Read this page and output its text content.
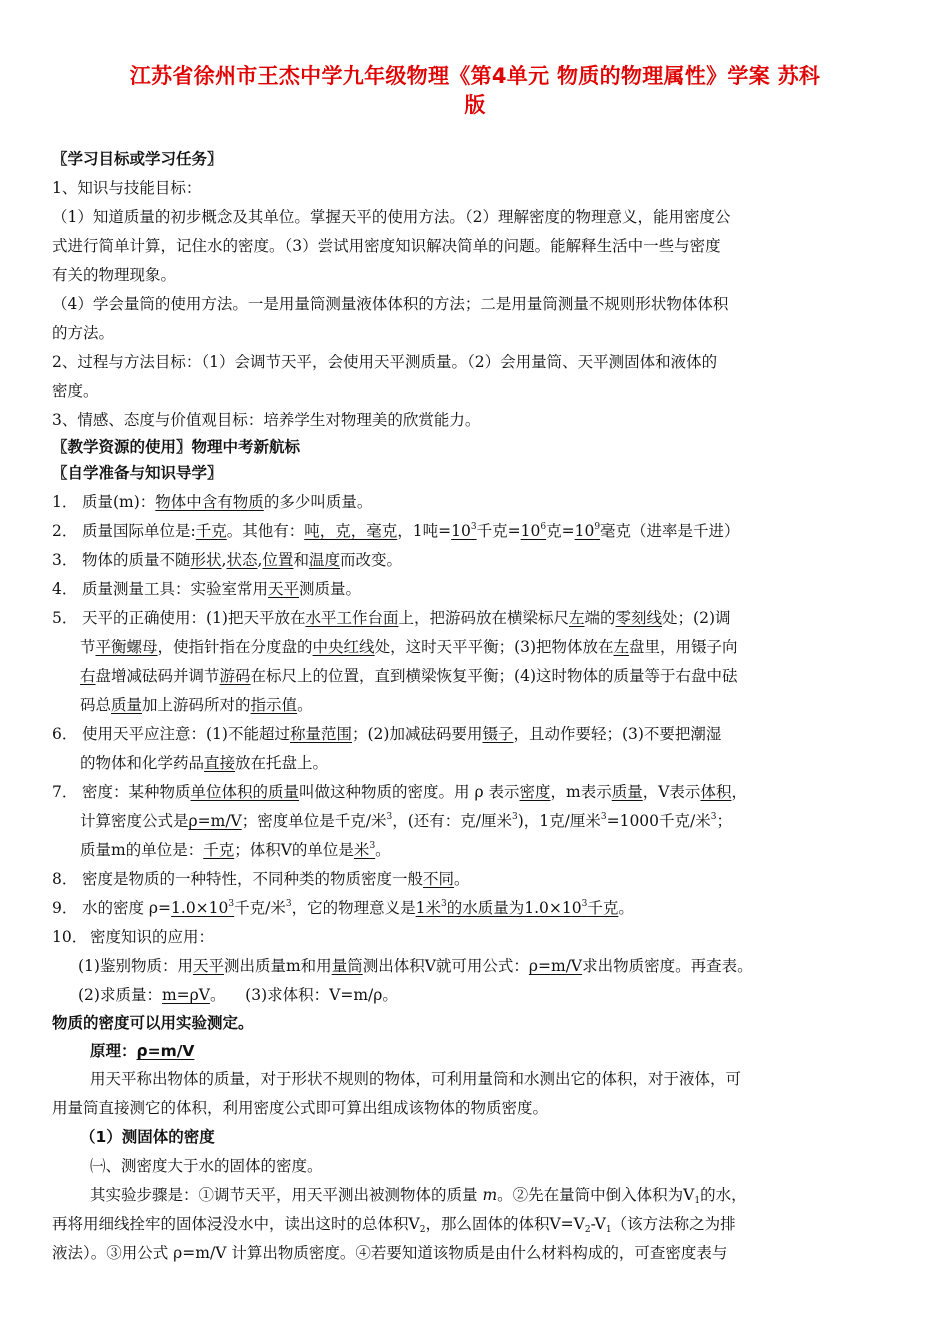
江苏省徐州市王杰中学九年级物理《第4单元 物质的物理属性》学案 苏科
版
〖学习目标或学习任务〗
1、知识与技能目标：
（1）知道质量的初步概念及其单位。掌握天平的使用方法。（2）理解密度的物理意义，能用密度公
式进行简单计算，记住水的密度。（3）尝试用密度知识解决简单的问题。能解释生活中一些与密度
有关的物理现象。
（4）学会量筒的使用方法。一是用量筒测量液体体积的方法；二是用量筒测量不规则形状物体体积
的方法。
2、过程与方法目标：（1）会调节天平，会使用天平测质量。（2）会用量筒、天平测固体和液体的
密度。
3、情感、态度与价值观目标：培养学生对物理美的欣赏能力。
〖教学资源的使用〗物理中考新航标
〖自学准备与知识导学〗
1． 质量(m)：物体中含有物质的多少叫质量。
2． 质量国际单位是:千克。其他有：吨，克，毫克，1吨$=10^3$千克$=10^6$克$=10^9$毫克（进率是千进）
3． 物体的质量不随形状,状态,位置和温度而改变。
4． 质量测量工具：实验室常用天平测质量。
5． 天平的正确使用：(1)把天平放在水平工作台面上，把游码放在横梁标尺左端的零刻线处；(2)调
节平衡螺母，使指针指在分度盘的中央红线处，这时天平平衡；(3)把物体放在左盘里，用镊子向
右盘增减砝码并调节游码在标尺上的位置，直到横梁恢复平衡；(4)这时物体的质量等于右盘中砝
码总质量加上游码所对的指示值。
6． 使用天平应注意：(1)不能超过称量范围；(2)加减砝码要用镊子，且动作要轻；(3)不要把潮湿
的物体和化学药品直接放在托盘上。
7． 密度：某种物质单位体积的质量叫做这种物质的密度。用 ρ 表示密度，m表示质量，V表示体积，
计算密度公式是ρ=m/V；密度单位是千克/米$^3$，(还有：克/厘米$^3$)，1克/厘米$^3$=1000千克/米$^3$；
质量m的单位是：千克；体积V的单位是米$^3$。
8． 密度是物质的一种特性，不同种类的物质密度一般不同。
9． 水的密度 $\rho=1.0\times 10^3$千克/米$^3$，它的物理意义是1米$^3$的水质量为$1.0\times 10^3$千克。
10． 密度知识的应用：
(1)鉴别物质：用天平测出质量m和用量筒测出体积V就可用公式：ρ=m/V求出物质密度。再查表。
(2)求质量：m=ρV。    (3)求体积：V=m/ρ。
物质的密度可以用实验测定。
原理：ρ=m/V
用天平称出物体的质量，对于形状不规则的物体，可利用量筒和水测出它的体积，对于液体，可
用量筒直接测它的体积，利用密度公式即可算出组成该物体的物质密度。
（1）测固体的密度
㈠、测密度大于水的固体的密度。
其实验步骤是：①调节天平，用天平测出被测物体的质量 m。②先在量筒中倒入体积为$V_1$的水，
再将用细线拴牢的固体浸没水中，读出这时的总体积$V_2$，那么固体的体积$V=V_2-V_1$（该方法称之为排
液法）。③用公式 ρ=m/V 计算出物质密度。④若要知道该物质是由什么材料构成的，可查密度表与
